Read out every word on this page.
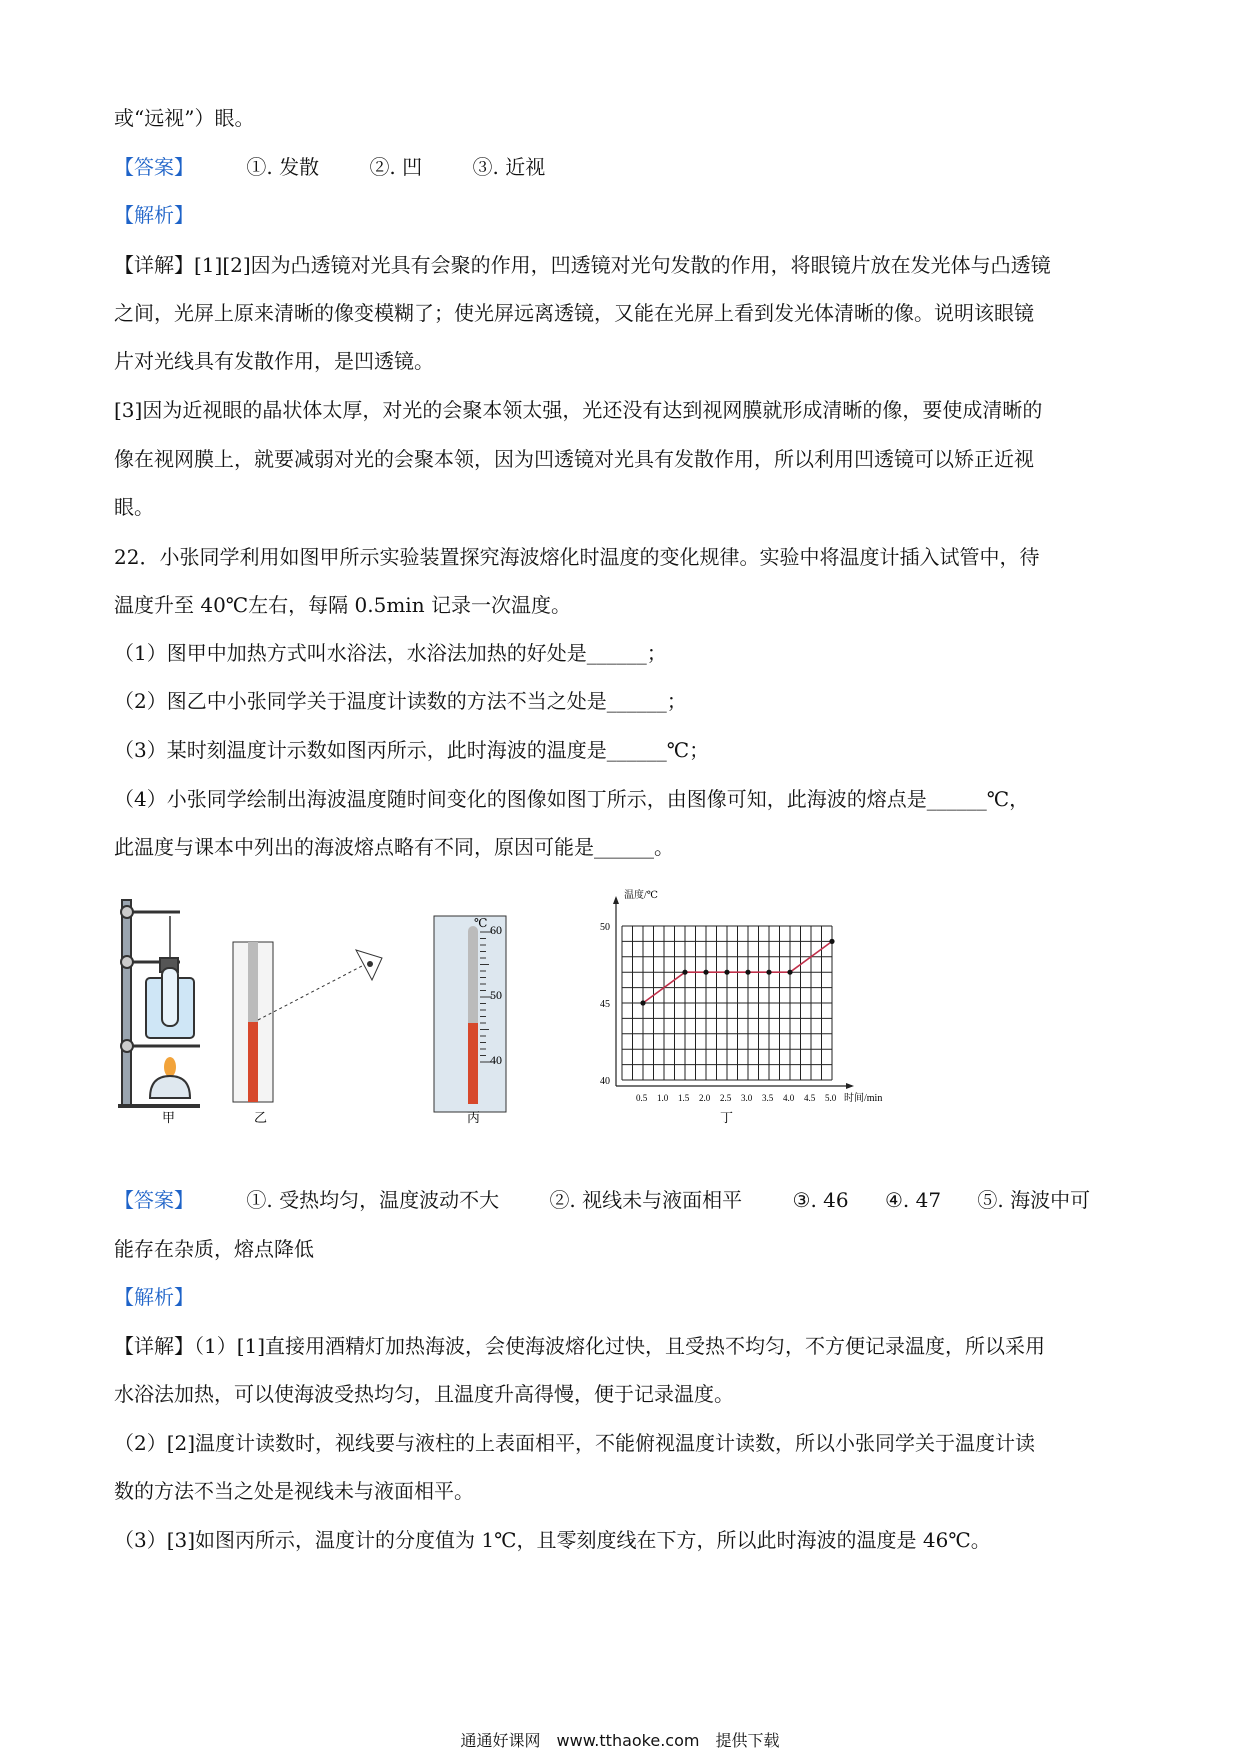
或“远视”）眼。
【答案】	①. 发散	②. 凹	③. 近视
【解析】
【详解】[1][2]因为凸透镜对光具有会聚的作用，凹透镜对光句发散的作用，将眼镜片放在发光体与凸透镜
之间，光屏上原来清晰的像变模糊了；使光屏远离透镜，又能在光屏上看到发光体清晰的像。说明该眼镜
片对光线具有发散作用，是凹透镜。
[3]因为近视眼的晶状体太厚，对光的会聚本领太强，光还没有达到视网膜就形成清晰的像，要使成清晰的
像在视网膜上，就要减弱对光的会聚本领，因为凹透镜对光具有发散作用，所以利用凹透镜可以矫正近视
眼。
22．小张同学利用如图甲所示实验装置探究海波熔化时温度的变化规律。实验中将温度计插入试管中，待
温度升至 40℃左右，每隔 0.5min 记录一次温度。
（1）图甲中加热方式叫水浴法，水浴法加热的好处是______；
（2）图乙中小张同学关于温度计读数的方法不当之处是______；
（3）某时刻温度计示数如图丙所示，此时海波的温度是______℃；
（4）小张同学绘制出海波温度随时间变化的图像如图丁所示，由图像可知，此海波的熔点是______℃，
此温度与课本中列出的海波熔点略有不同，原因可能是______。
甲	乙
℃ 60
50
40
丙
温度/℃
时间/min
50
45
40
0.5 1.0 1.5 2.0 2.5 3.0 3.5 4.0 4.5 5.0
丁
【答案】	①. 受热均匀，温度波动不大	②. 视线未与液面相平	③. 46 ④. 47 ⑤. 海波中可
能存在杂质，熔点降低
【解析】
【详解】（1）[1]直接用酒精灯加热海波，会使海波熔化过快，且受热不均匀，不方便记录温度，所以采用
水浴法加热，可以使海波受热均匀，且温度升高得慢，便于记录温度。
（2）[2]温度计读数时，视线要与液柱的上表面相平，不能俯视温度计读数，所以小张同学关于温度计读
数的方法不当之处是视线未与液面相平。
（3）[3]如图丙所示，温度计的分度值为 1℃，且零刻度线在下方，所以此时海波的温度是 46℃。
通通好课网　www.tthaoke.com　提供下载
